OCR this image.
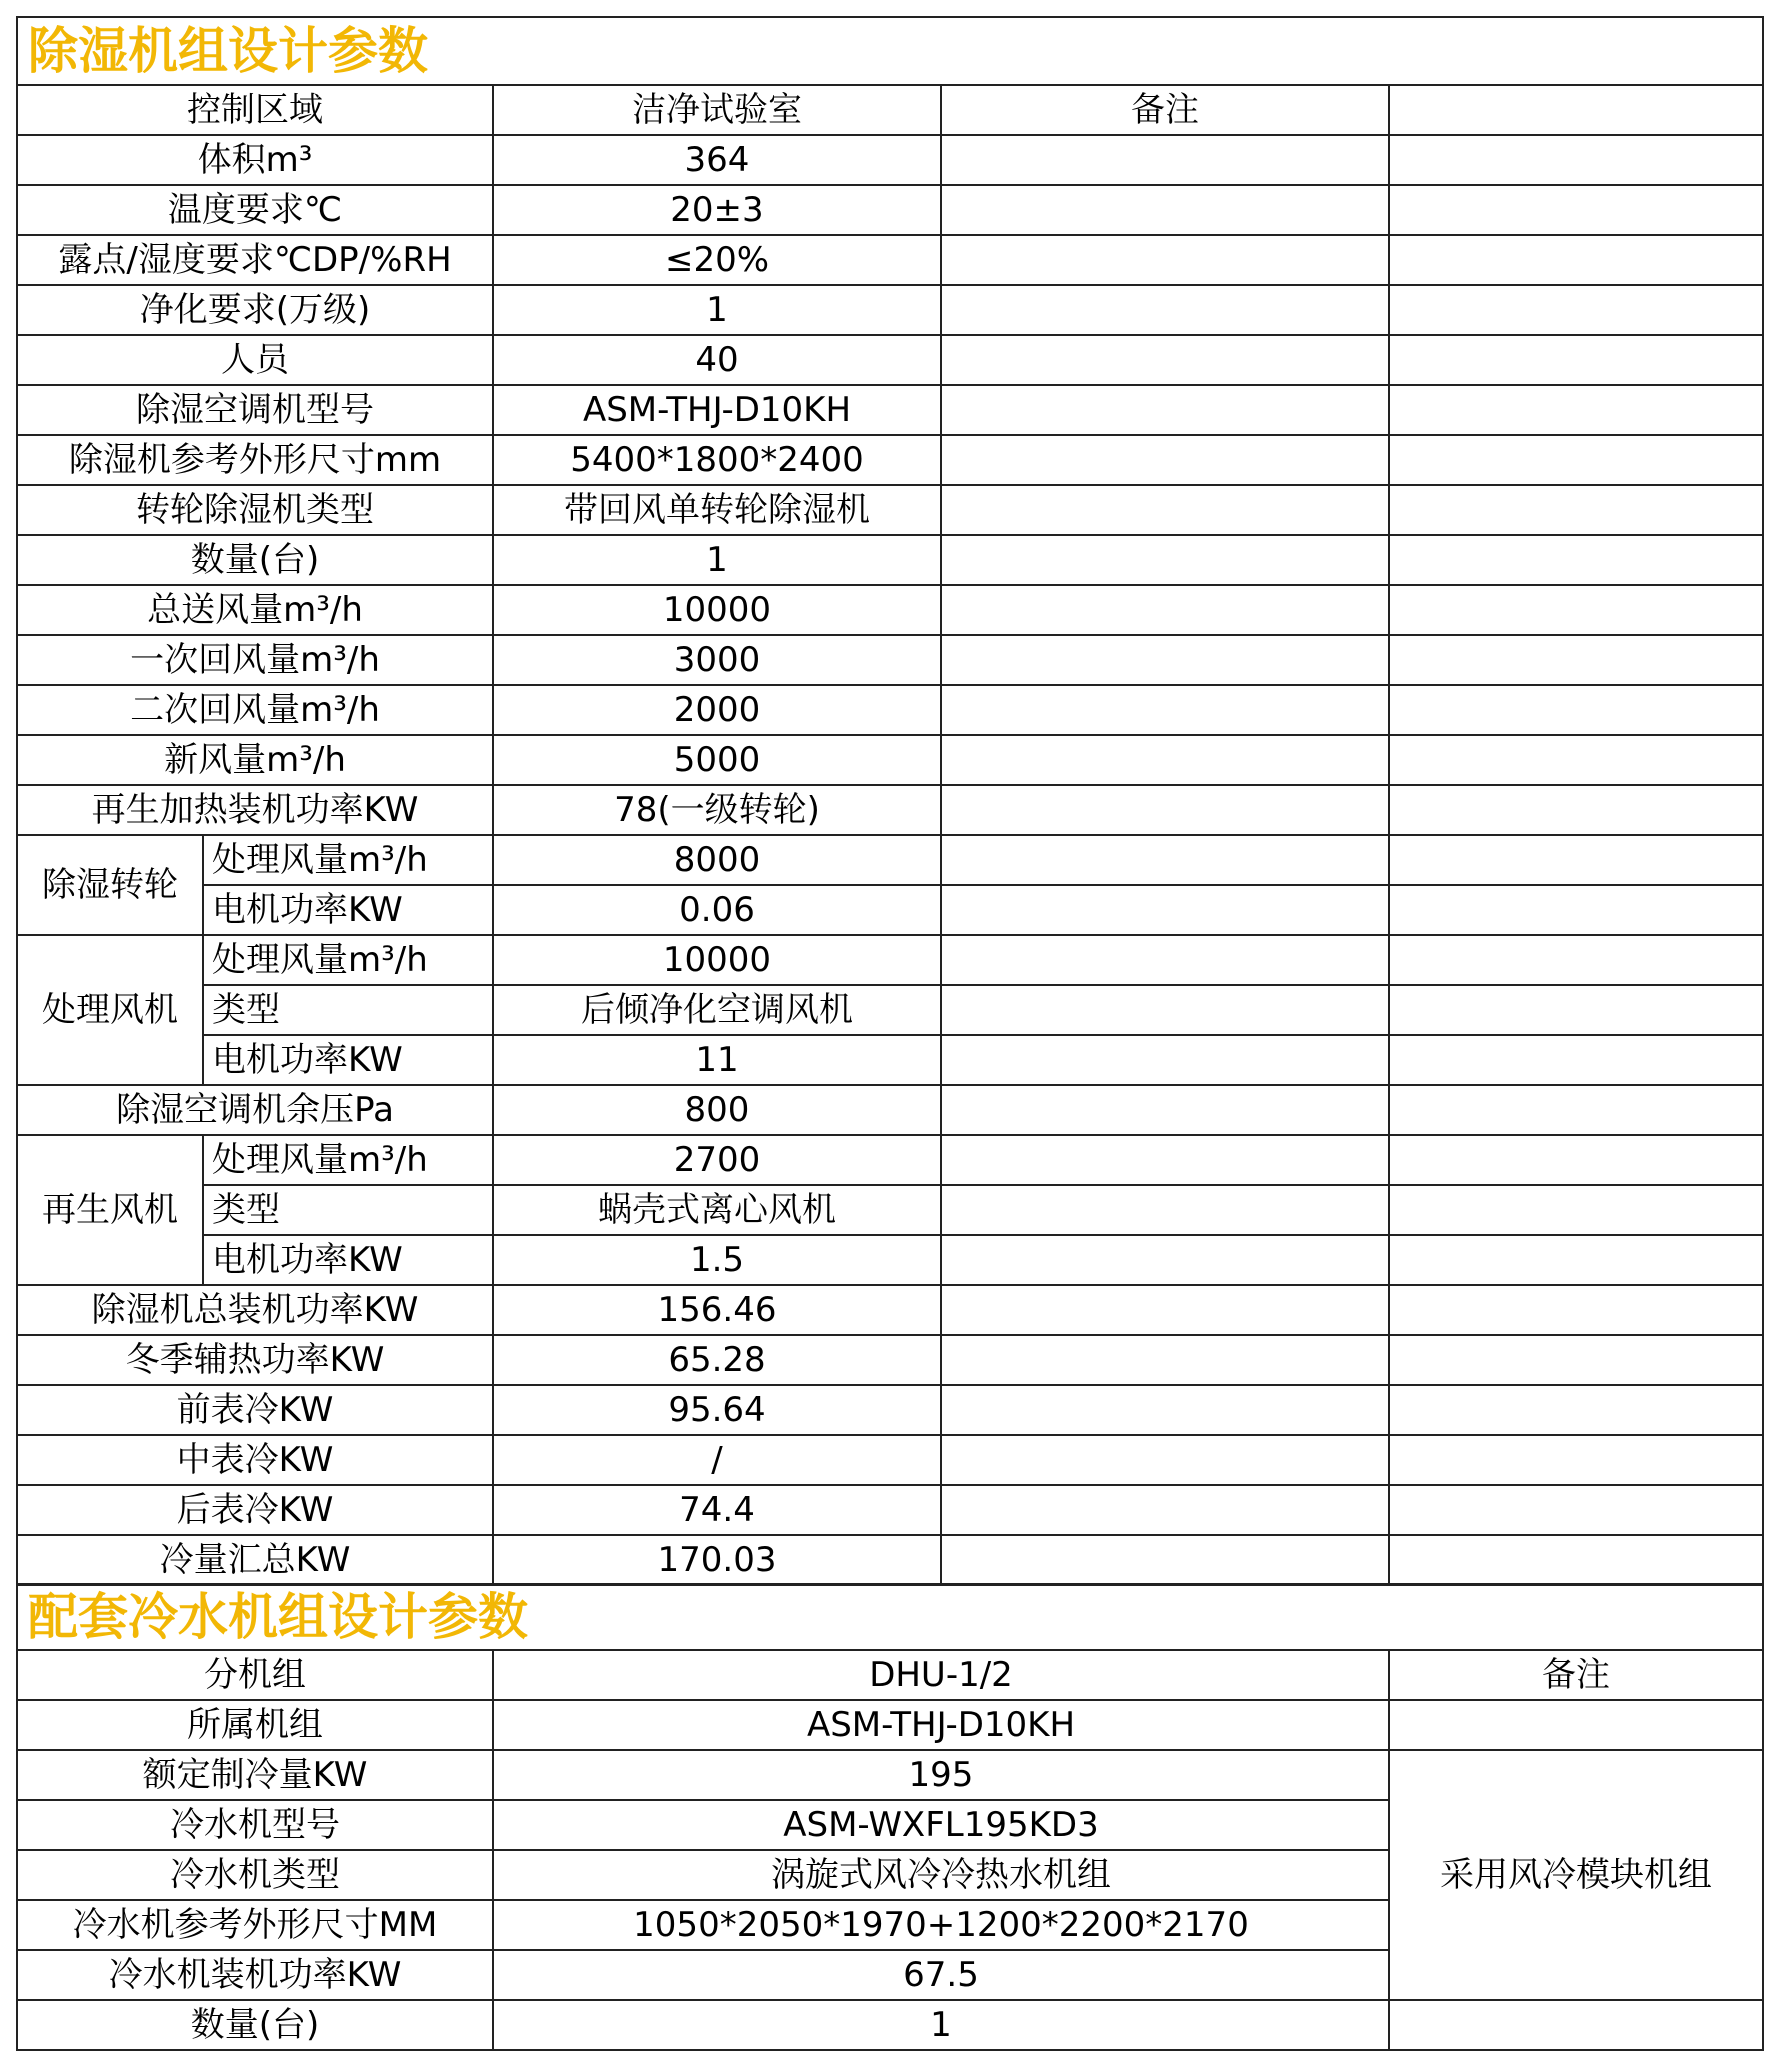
除湿机组设计参数				
控制区域		洁净试验室	备注	
体积m³		364		
温度要求℃		20±3		
露点/湿度要求℃DP/%RH		≤20%		
净化要求(万级)		1		
人员		40		
除湿空调机型号		ASM-THJ-D10KH		
除湿机参考外形尺寸mm		5400*1800*2400		
转轮除湿机类型		带回风单转轮除湿机		
数量(台)		1		
总送风量m³/h		10000		
一次回风量m³/h		3000		
二次回风量m³/h		2000		
新风量m³/h		5000		
再生加热装机功率KW		78(一级转轮)		
除湿转轮	处理风量m³/h	8000		
	电机功率KW	0.06		
处理风机	处理风量m³/h	10000		
	类型	后倾净化空调风机		
	电机功率KW	11		
除湿空调机余压Pa		800		
再生风机	处理风量m³/h	2700		
	类型	蜗壳式离心风机		
	电机功率KW	1.5		
除湿机总装机功率KW		156.46		
冬季辅热功率KW		65.28		
前表冷KW		95.64		
中表冷KW		/		
后表冷KW		74.4		
冷量汇总KW		170.03		
配套冷水机组设计参数		
分机组	DHU-1/2	备注
所属机组	ASM-THJ-D10KH	
额定制冷量KW	195	采用风冷模块机组
冷水机型号	ASM-WXFL195KD3	
冷水机类型	涡旋式风冷冷热水机组	
冷水机参考外形尺寸MM	1050*2050*1970+1200*2200*2170	
冷水机装机功率KW	67.5	
数量(台)	1	
